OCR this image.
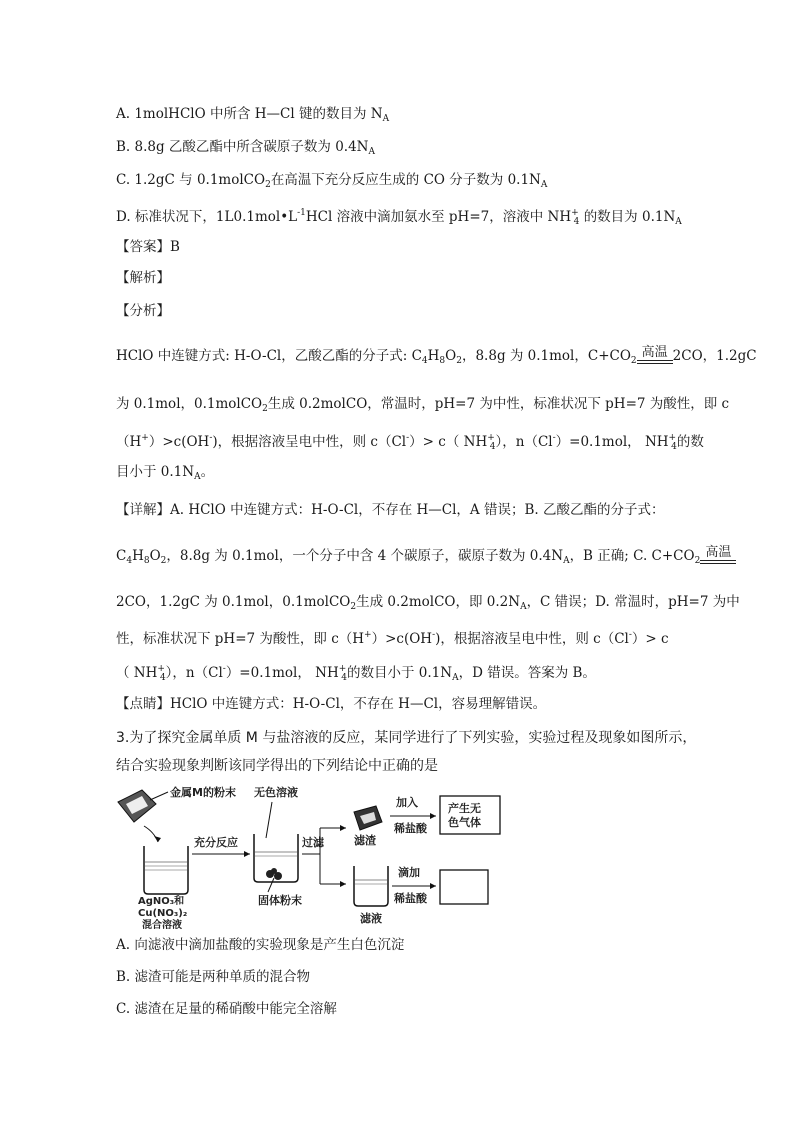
A. 1molHClO 中所含 H—Cl 键的数目为 $N_A$
B. 8.8g 乙酸乙酯中所含碳原子数为 $0.4N_A$
C. 1.2gC 与 0.1molCO$_2$在高温下充分反应生成的 CO 分子数为 $0.1N_A$
D. 标准状况下，$1L0.1mol•L^{-1}HCl$ 溶液中滴加氨水至 pH=7，溶液中 $NH^+_4$ 的数目为 $0.1N_A$
【答案】B
【解析】
【分析】
HClO 中连键方式: H-O-Cl，乙酸乙酯的分子式: $C_4H_8O_2$，8.8g 为 0.1mol，$C+CO_2$
高温 2CO，1.2gC
为 0.1mol，0.1molCO$_2$生成 0.2molCO，常温时，pH=7 为中性，标准状况下 pH=7 为酸性，即 c
（H+）>c(OH-)，根据溶液呈电中性，则 c（Cl-）> c（ $NH^+_4$），n（Cl-）=0.1mol， $NH^+_4$的数
目小于 $0.1N_A$。
【详解】A. HClO 中连键方式：H-O-Cl，不存在 H—Cl，A 错误；B. 乙酸乙酯的分子式：
$C_4H_8O_2$，8.8g 为 0.1mol，一个分子中含 4 个碳原子，碳原子数为 $0.4N_A$，B 正确; C. $C+CO_2$
高温
2CO，1.2gC 为 0.1mol，0.1molCO$_2$生成 0.2molCO，即 $0.2N_A$，C 错误；D. 常温时，pH=7 为中
性，标准状况下 pH=7 为酸性，即 c（H+）>c(OH-)，根据溶液呈电中性，则 c（Cl-）> c
（ $NH^+_4$），n（Cl-）=0.1mol， $NH^+_4$的数目小于 $0.1N_A$，D 错误。答案为 B。
【点睛】HClO 中连键方式：H-O-Cl，不存在 H—Cl，容易理解错误。
3.为了探究金属单质 M 与盐溶液的反应，某同学进行了下列实验，实验过程及现象如图所示，
结合实验现象判断该同学得出的下列结论中正确的是
金属M的粉末
AgNO₃和
Cu(NO₃)₂
混合溶液
充分反应
无色溶液
固体粉末
过滤	滤渣
加入
稀盐酸
产生无
色气体
滤液
滴加
稀盐酸
A. 向滤液中滴加盐酸的实验现象是产生白色沉淀
B. 滤渣可能是两种单质的混合物
C. 滤渣在足量的稀硝酸中能完全溶解
